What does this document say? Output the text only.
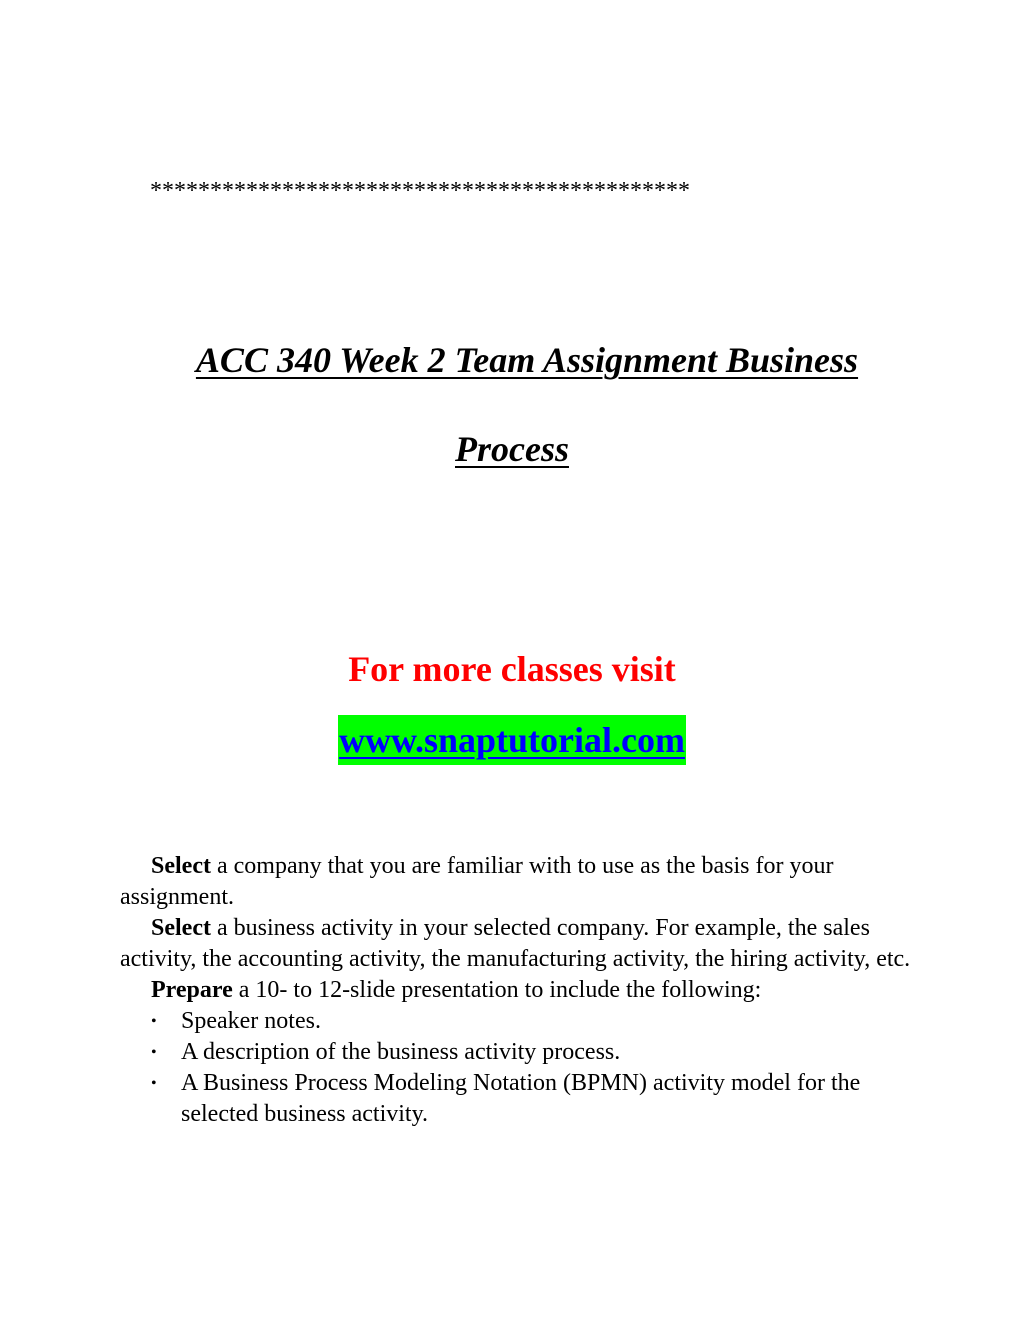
*********************************************
ACC 340 Week 2 Team Assignment Business
Process
For more classes visit
www.snaptutorial.com

Select a company that you are familiar with to use as the basis for your assignment.

Select a business activity in your selected company. For example, the sales activity, the accounting activity, the manufacturing activity, the hiring activity, etc.

Prepare a 10- to 12-slide presentation to include the following:

• Speaker notes.
• A description of the business activity process.
• A Business Process Modeling Notation (BPMN) activity model for the selected business activity.
